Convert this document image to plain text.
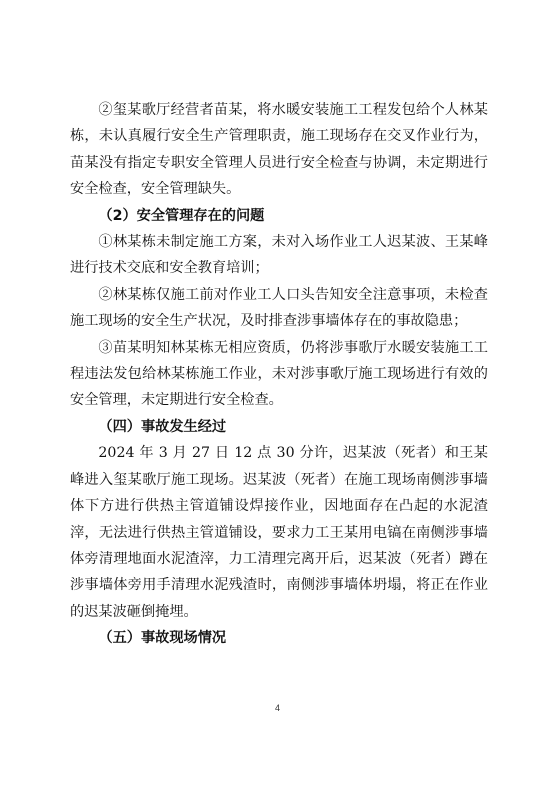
②玺某歌厅经营者苗某，将水暖安装施工工程发包给个人林某栋，未认真履行安全生产管理职责，施工现场存在交叉作业行为，苗某没有指定专职安全管理人员进行安全检查与协调，未定期进行安全检查，安全管理缺失。

（2）安全管理存在的问题

①林某栋未制定施工方案，未对入场作业工人迟某波、王某峰进行技术交底和安全教育培训；

②林某栋仅施工前对作业工人口头告知安全注意事项，未检查施工现场的安全生产状况，及时排查涉事墙体存在的事故隐患；

③苗某明知林某栋无相应资质，仍将涉事歌厅水暖安装施工工程违法发包给林某栋施工作业，未对涉事歌厅施工现场进行有效的安全管理，未定期进行安全检查。

（四）事故发生经过

2024 年 3 月 27 日 12 点 30 分许，迟某波（死者）和王某峰进入玺某歌厅施工现场。迟某波（死者）在施工现场南侧涉事墙体下方进行供热主管道铺设焊接作业，因地面存在凸起的水泥渣滓，无法进行供热主管道铺设，要求力工王某用电镐在南侧涉事墙体旁清理地面水泥渣滓，力工清理完离开后，迟某波（死者）蹲在涉事墙体旁用手清理水泥残渣时，南侧涉事墙体坍塌，将正在作业的迟某波砸倒掩埋。

（五）事故现场情况

4
